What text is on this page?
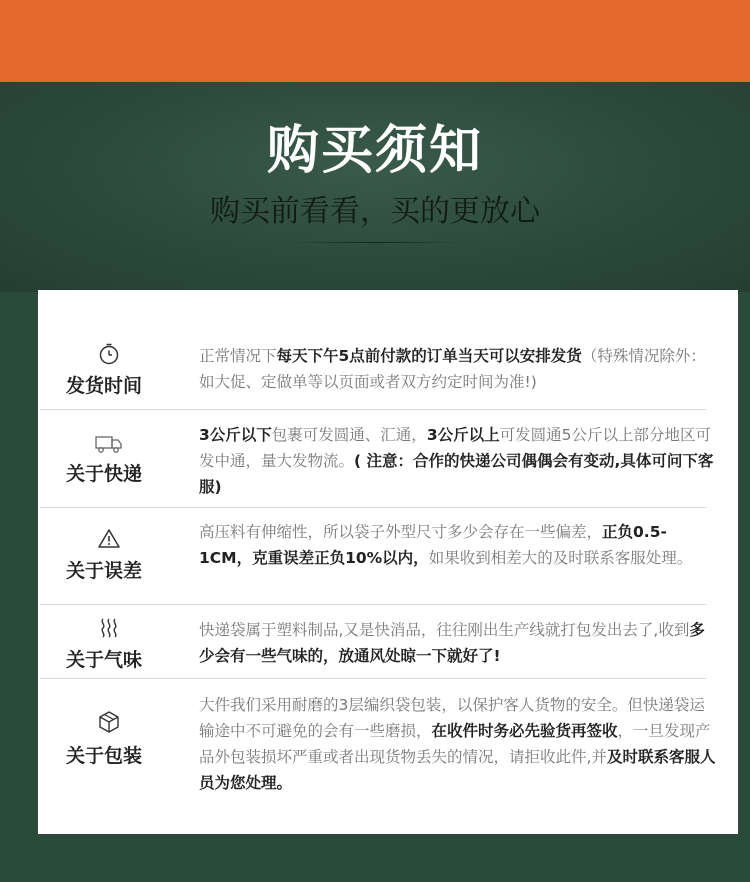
购买须知
购买前看看，买的更放心
发货时间
正常情况下每天下午5点前付款的订单当天可以安排发货（特殊情况除外：如大促、定做单等以页面或者双方约定时间为准!)
关于快递
3公斤以下包裹可发圆通、汇通，3公斤以上可发圆通5公斤以上部分地区可发中通，量大发物流。( 注意：合作的快递公司偶偶会有变动,具体可问下客服)
关于误差
高压料有伸缩性，所以袋子外型尺寸多少会存在一些偏差，正负0.5-1CM，克重误差正负10%以内，如果收到相差大的及时联系客服处理。
关于气味
快递袋属于塑料制品,又是快消品，往往刚出生产线就打包发出去了,收到多少会有一些气味的，放通风处晾一下就好了!
关于包装
大件我们采用耐磨的3层编织袋包装，以保护客人货物的安全。但快递袋运输途中不可避免的会有一些磨损，在收件时务必先验货再签收，一旦发现产品外包装损坏严重或者出现货物丢失的情况，请拒收此件,并及时联系客服人员为您处理。
